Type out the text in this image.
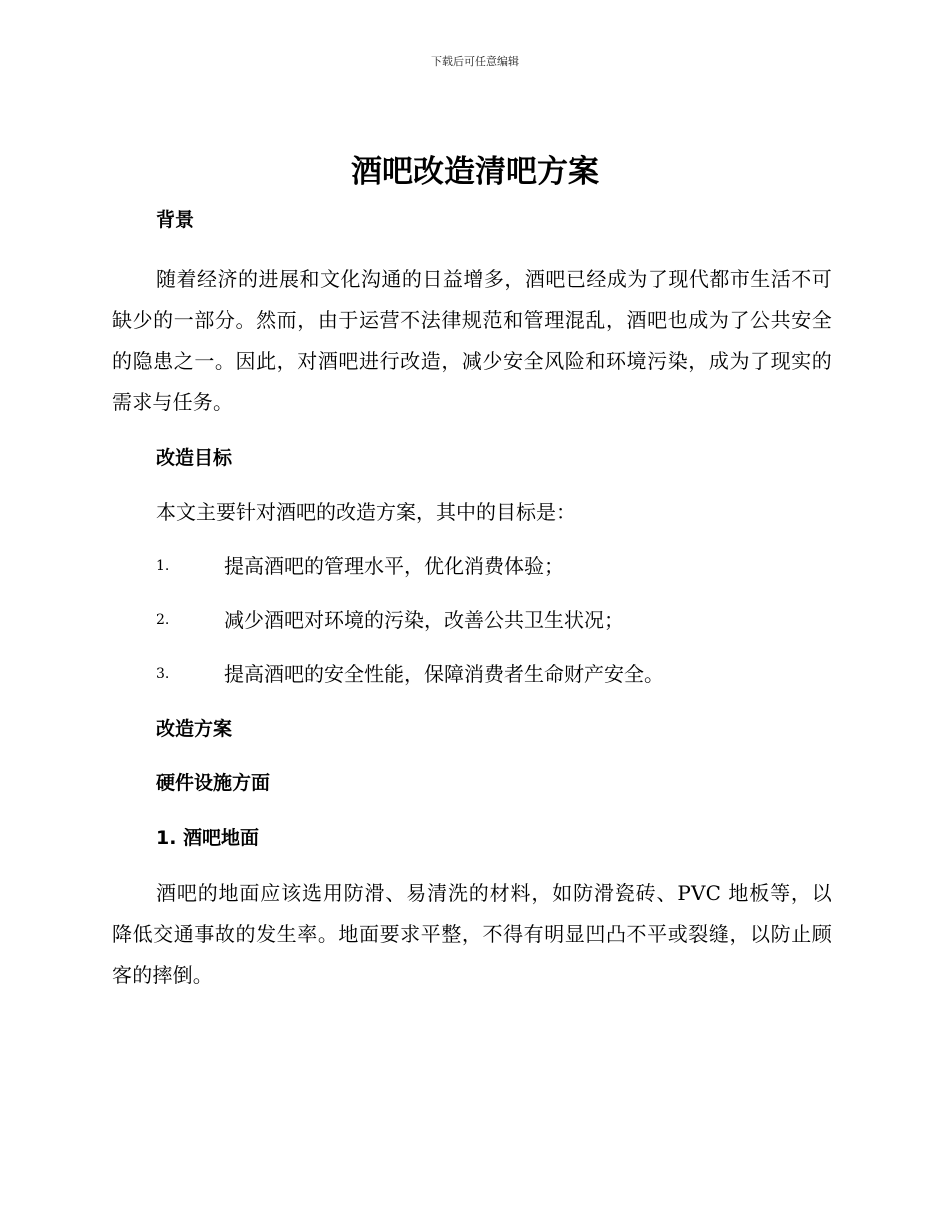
下载后可任意编辑
酒吧改造清吧方案
背景

随着经济的进展和文化沟通的日益增多，酒吧已经成为了现代都市生活不可缺少的一部分。然而，由于运营不法律规范和管理混乱，酒吧也成为了公共安全的隐患之一。因此，对酒吧进行改造，减少安全风险和环境污染，成为了现实的需求与任务。

改造目标

本文主要针对酒吧的改造方案，其中的目标是：

1.	提高酒吧的管理水平，优化消费体验；
2.	减少酒吧对环境的污染，改善公共卫生状况；
3.	提高酒吧的安全性能，保障消费者生命财产安全。
改造方案
硬件设施方面
1. 酒吧地面

酒吧的地面应该选用防滑、易清洗的材料，如防滑瓷砖、PVC 地板等，以降低交通事故的发生率。地面要求平整，不得有明显凹凸不平或裂缝，以防止顾客的摔倒。
